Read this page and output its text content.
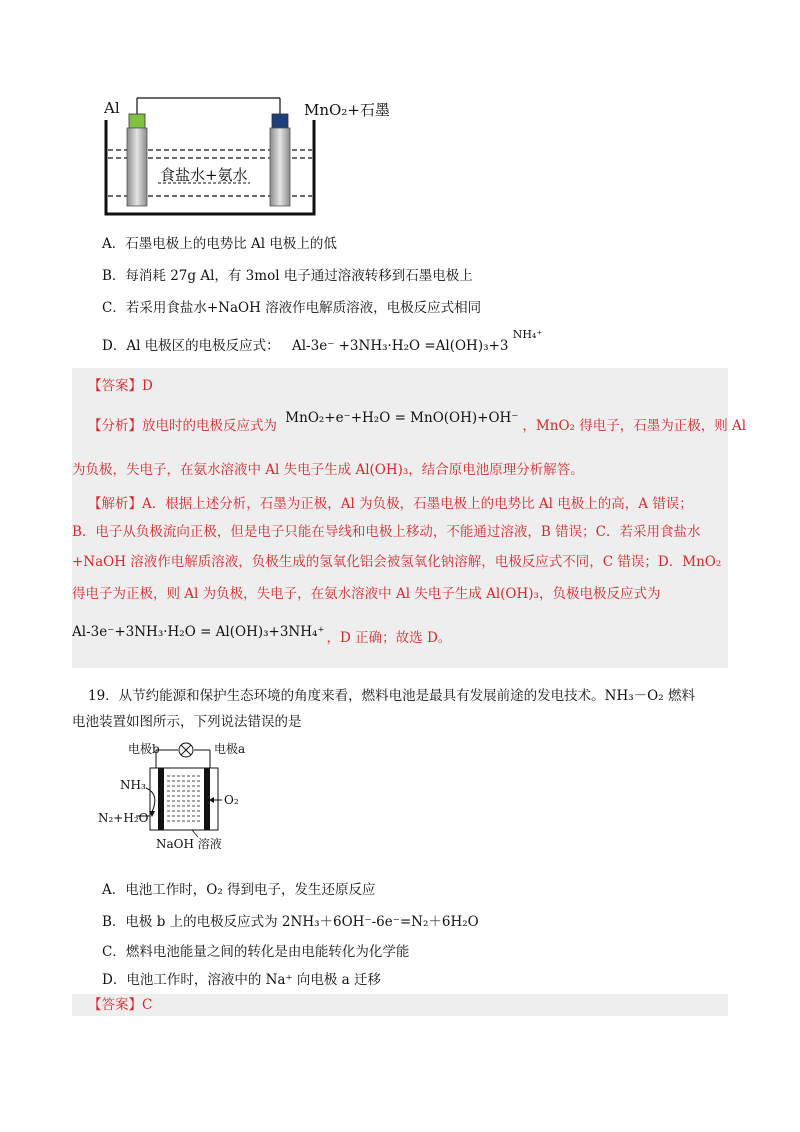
Al	MnO₂+石墨
食盐水+氨水
A．石墨电极上的电势比 Al 电极上的低
B．每消耗 27g Al，有 3mol 电子通过溶液转移到石墨电极上
C．若采用食盐水+NaOH 溶液作电解质溶液，电极反应式相同
D．Al 电极区的电极反应式： Al-3e⁻ +3NH₃·H₂O =Al(OH)₃+3 $^{NH_4^+}$
【答案】D
【分析】放电时的电极反应式为 MnO₂+e⁻+H₂O = MnO(OH)+OH⁻ ，MnO₂ 得电子，石墨为正极，则 Al
为负极，失电子，在氨水溶液中 Al 失电子生成 Al(OH)₃，结合原电池原理分析解答。
【解析】A．根据上述分析，石墨为正极，Al 为负极，石墨电极上的电势比 Al 电极上的高，A 错误；
B．电子从负极流向正极，但是电子只能在导线和电极上移动，不能通过溶液，B 错误；C．若采用食盐水
+NaOH 溶液作电解质溶液，负极生成的氢氧化铝会被氢氧化钠溶解，电极反应式不同，C 错误；D．MnO₂
得电子为正极，则 Al 为负极，失电子，在氨水溶液中 Al 失电子生成 Al(OH)₃，负极电极反应式为
Al-3e⁻+3NH₃·H₂O = Al(OH)₃+3NH₄⁺ ，D 正确；故选 D。
19．从节约能源和保护生态环境的角度来看，燃料电池是最具有发展前途的发电技术。NH₃－O₂ 燃料
电池装置如图所示，下列说法错误的是
电极b	电极a
NH₃
O₂
N₂+H₂O
NaOH 溶液
A．电池工作时，O₂ 得到电子，发生还原反应
B．电极 b 上的电极反应式为 2NH₃＋6OH⁻-6e⁻=N₂＋6H₂O
C．燃料电池能量之间的转化是由电能转化为化学能
D．电池工作时，溶液中的 Na⁺ 向电极 a 迁移
【答案】C
